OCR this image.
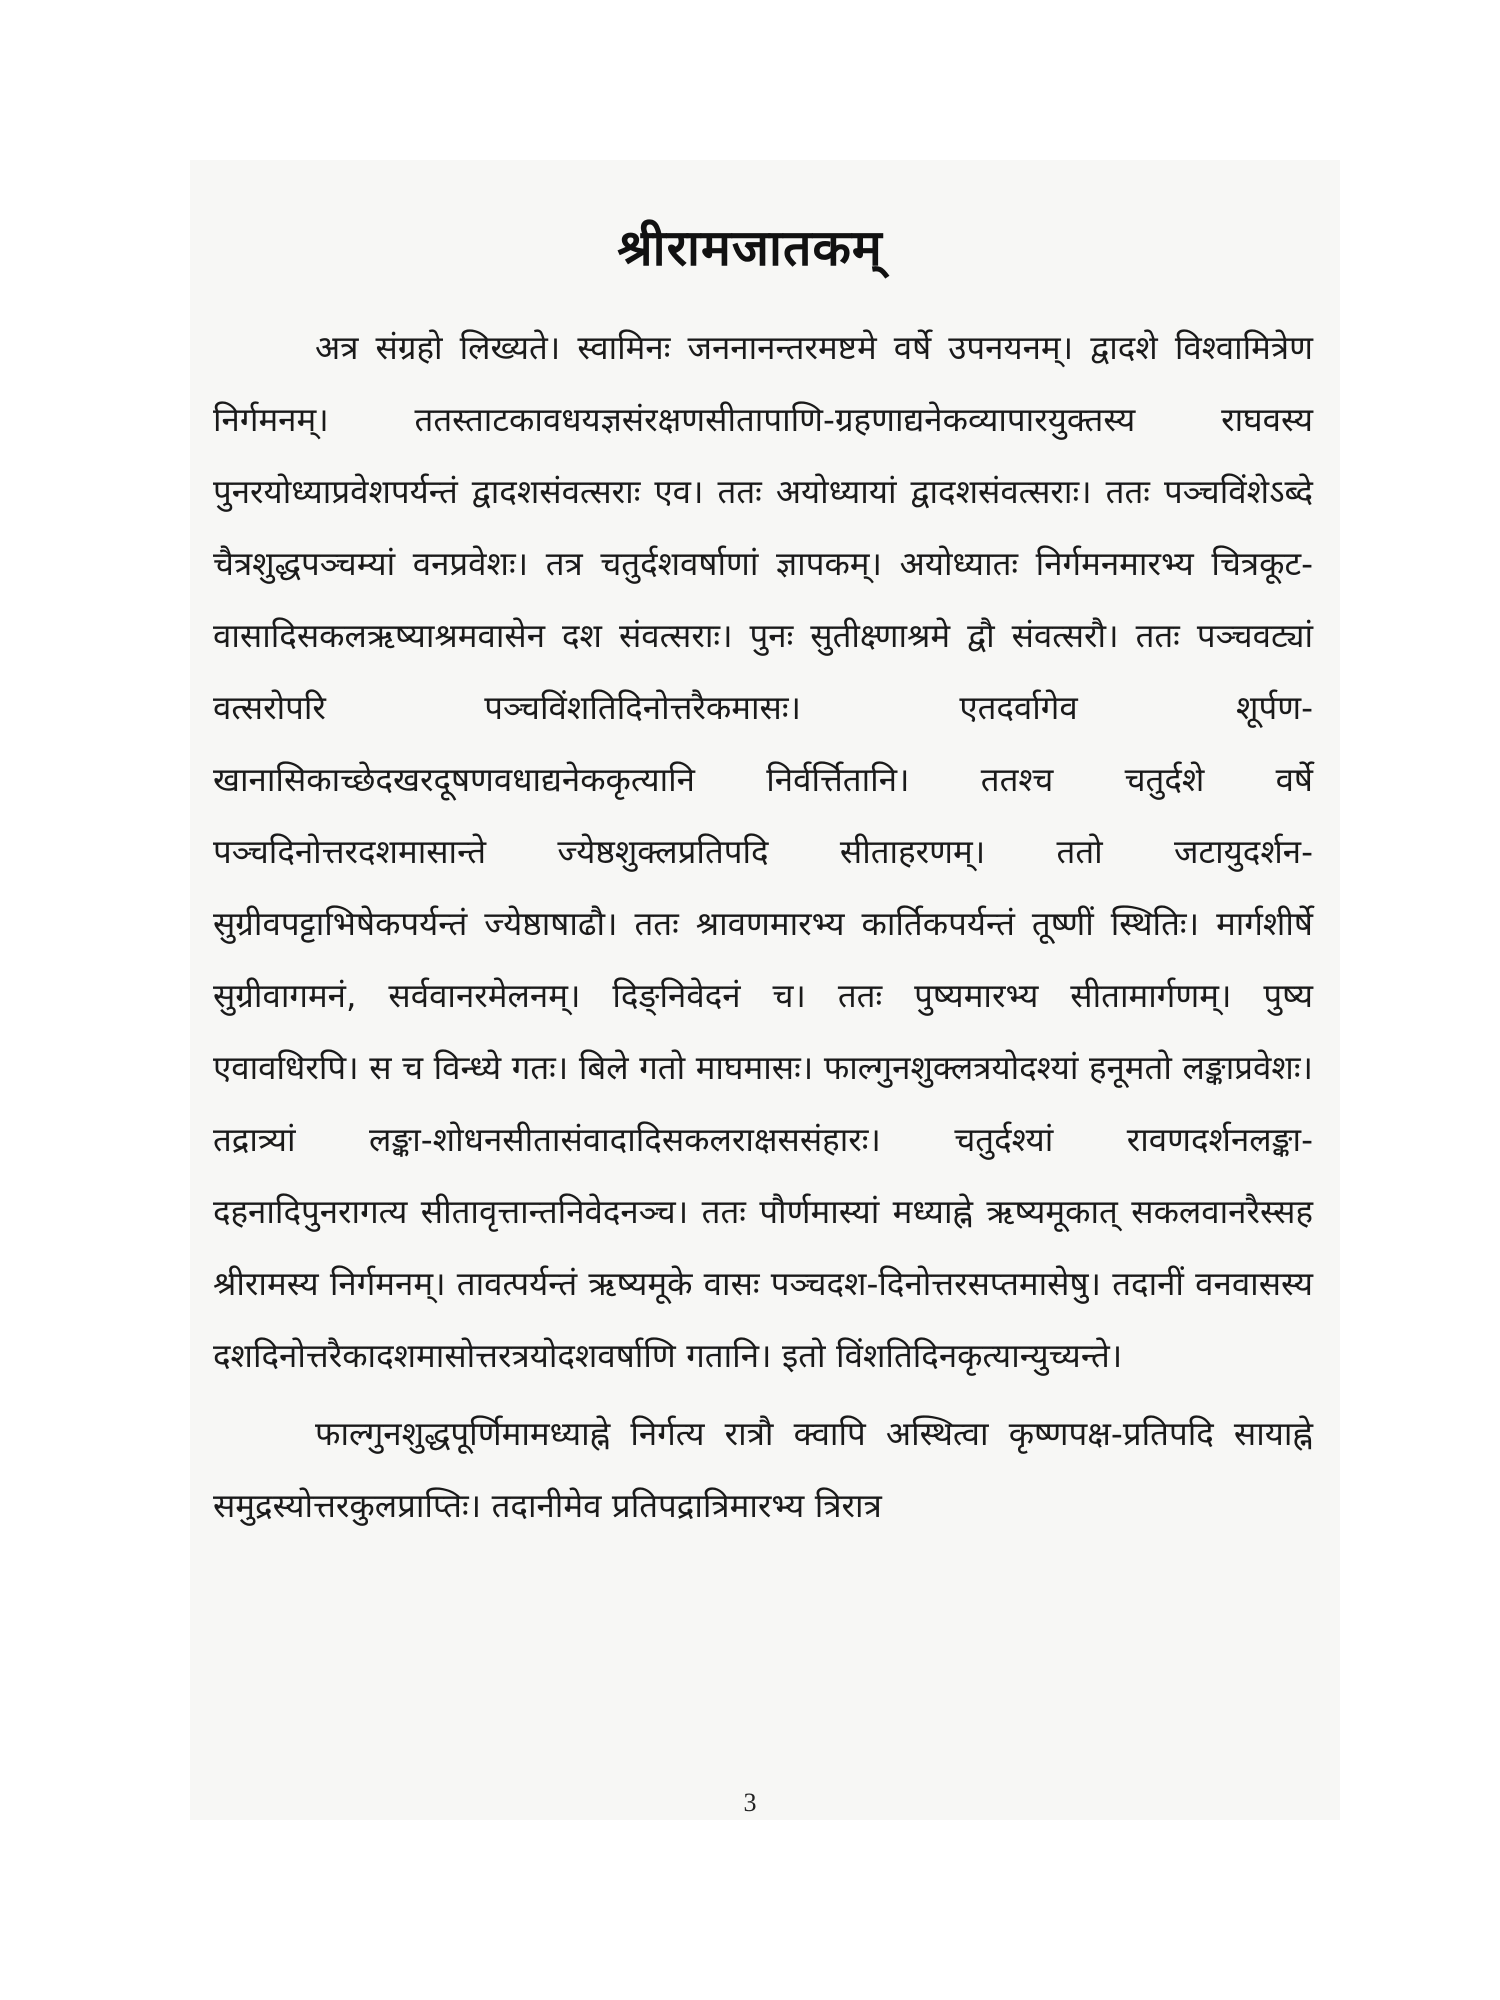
श्रीरामजातकम्

अत्र संग्रहो लिख्यते। स्वामिनः जननानन्तरमष्टमे वर्षे उपनयनम्। द्वादशे विश्वामित्रेण निर्गमनम्। ततस्ताटकावधयज्ञसंरक्षणसीतापाणि-ग्रहणाद्यनेकव्यापारयुक्तस्य राघवस्य पुनरयोध्याप्रवेशपर्यन्तं द्वादशसंवत्सराः एव। ततः अयोध्यायां द्वादशसंवत्सराः। ततः पञ्चविंशेऽब्दे चैत्रशुद्धपञ्चम्यां वनप्रवेशः। तत्र चतुर्दशवर्षाणां ज्ञापकम्। अयोध्यातः निर्गमनमारभ्य चित्रकूट-वासादिसकलऋष्याश्रमवासेन दश संवत्सराः। पुनः सुतीक्ष्णाश्रमे द्वौ संवत्सरौ। ततः पञ्चवट्यां वत्सरोपरि पञ्चविंशतिदिनोत्तरैकमासः। एतदर्वागेव शूर्पण-खानासिकाच्छेदखरदूषणवधाद्यनेककृत्यानि निर्वर्त्तितानि। ततश्च चतुर्दशे वर्षे पञ्चदिनोत्तरदशमासान्ते ज्येष्ठशुक्लप्रतिपदि सीताहरणम्। ततो जटायुदर्शन-सुग्रीवपट्टाभिषेकपर्यन्तं ज्येष्ठाषाढौ। ततः श्रावणमारभ्य कार्तिकपर्यन्तं तूष्णीं स्थितिः। मार्गशीर्षे सुग्रीवागमनं, सर्ववानरमेलनम्। दिङ्निवेदनं च। ततः पुष्यमारभ्य सीतामार्गणम्। पुष्य एवावधिरपि। स च विन्ध्ये गतः। बिले गतो माघमासः। फाल्गुनशुक्लत्रयोदश्यां हनूमतो लङ्काप्रवेशः। तद्रात्र्यां लङ्का-शोधनसीतासंवादादिसकलराक्षससंहारः। चतुर्दश्यां रावणदर्शनलङ्का-दहनादिपुनरागत्य सीतावृत्तान्तनिवेदनञ्च। ततः पौर्णमास्यां मध्याह्ने ऋष्यमूकात् सकलवानरैस्सह श्रीरामस्य निर्गमनम्। तावत्पर्यन्तं ऋष्यमूके वासः पञ्चदश-दिनोत्तरसप्तमासेषु। तदानीं वनवासस्य दशदिनोत्तरैकादशमासोत्तरत्रयोदशवर्षाणि गतानि। इतो विंशतिदिनकृत्यान्युच्यन्ते।

फाल्गुनशुद्धपूर्णिमामध्याह्ने निर्गत्य रात्रौ क्वापि अस्थित्वा कृष्णपक्ष-प्रतिपदि सायाह्ने समुद्रस्योत्तरकुलप्राप्तिः। तदानीमेव प्रतिपद्रात्रिमारभ्य त्रिरात्र

3
